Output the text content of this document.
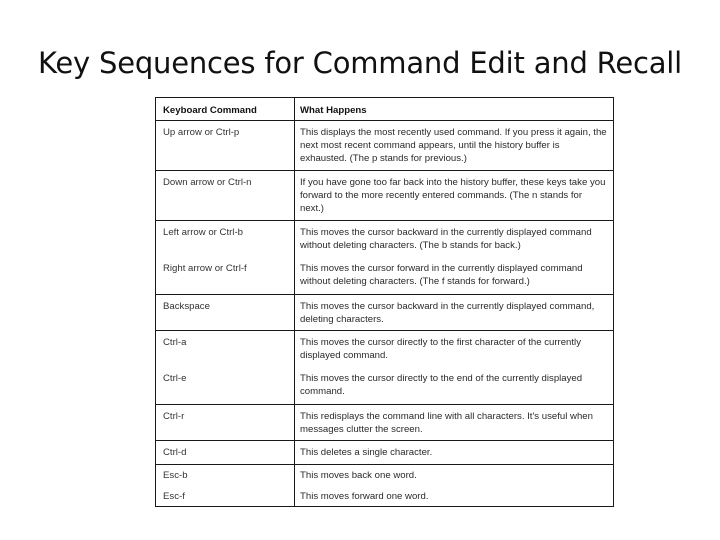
Key Sequences for Command Edit and Recall
Keyboard Command	What Happens
Up arrow or Ctrl-p	This displays the most recently used command. If you press it again, the next most recent command appears, until the history buffer is exhausted. (The p stands for previous.)
Down arrow or Ctrl-n	If you have gone too far back into the history buffer, these keys take you forward to the more recently entered commands. (The n stands for next.)
Left arrow or Ctrl-b	This moves the cursor backward in the currently displayed command without deleting characters. (The b stands for back.)
Right arrow or Ctrl-f	This moves the cursor forward in the currently displayed command without deleting characters. (The f stands for forward.)
Backspace	This moves the cursor backward in the currently displayed command, deleting characters.
Ctrl-a	This moves the cursor directly to the first character of the currently displayed command.
Ctrl-e	This moves the cursor directly to the end of the currently displayed command.
Ctrl-r	This redisplays the command line with all characters. It's useful when messages clutter the screen.
Ctrl-d	This deletes a single character.
Esc-b	This moves back one word.
Esc-f	This moves forward one word.
